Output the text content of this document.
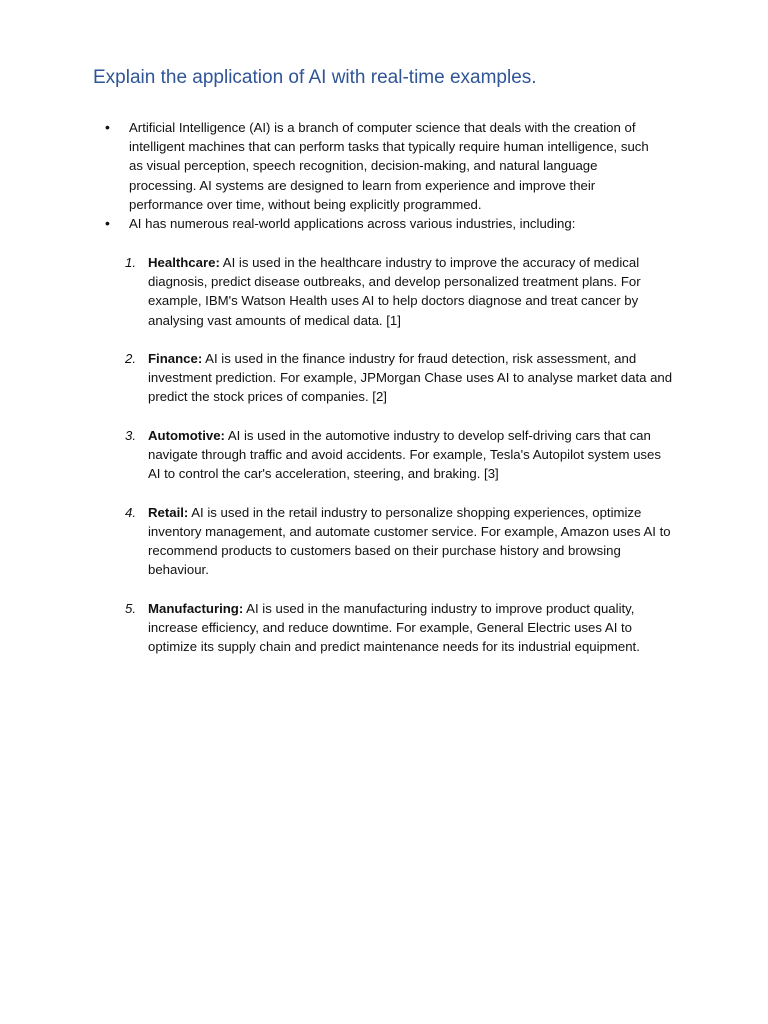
Explain the application of AI with real-time examples.
• Artificial Intelligence (AI) is a branch of computer science that deals with the creation of intelligent machines that can perform tasks that typically require human intelligence, such as visual perception, speech recognition, decision-making, and natural language processing. AI systems are designed to learn from experience and improve their performance over time, without being explicitly programmed.
• AI has numerous real-world applications across various industries, including:
1. Healthcare: AI is used in the healthcare industry to improve the accuracy of medical diagnosis, predict disease outbreaks, and develop personalized treatment plans. For example, IBM's Watson Health uses AI to help doctors diagnose and treat cancer by analysing vast amounts of medical data. [1]
2. Finance: AI is used in the finance industry for fraud detection, risk assessment, and investment prediction. For example, JPMorgan Chase uses AI to analyse market data and predict the stock prices of companies. [2]
3. Automotive: AI is used in the automotive industry to develop self-driving cars that can navigate through traffic and avoid accidents. For example, Tesla's Autopilot system uses AI to control the car's acceleration, steering, and braking. [3]
4. Retail: AI is used in the retail industry to personalize shopping experiences, optimize inventory management, and automate customer service. For example, Amazon uses AI to recommend products to customers based on their purchase history and browsing behaviour.
5. Manufacturing: AI is used in the manufacturing industry to improve product quality, increase efficiency, and reduce downtime. For example, General Electric uses AI to optimize its supply chain and predict maintenance needs for its industrial equipment.
